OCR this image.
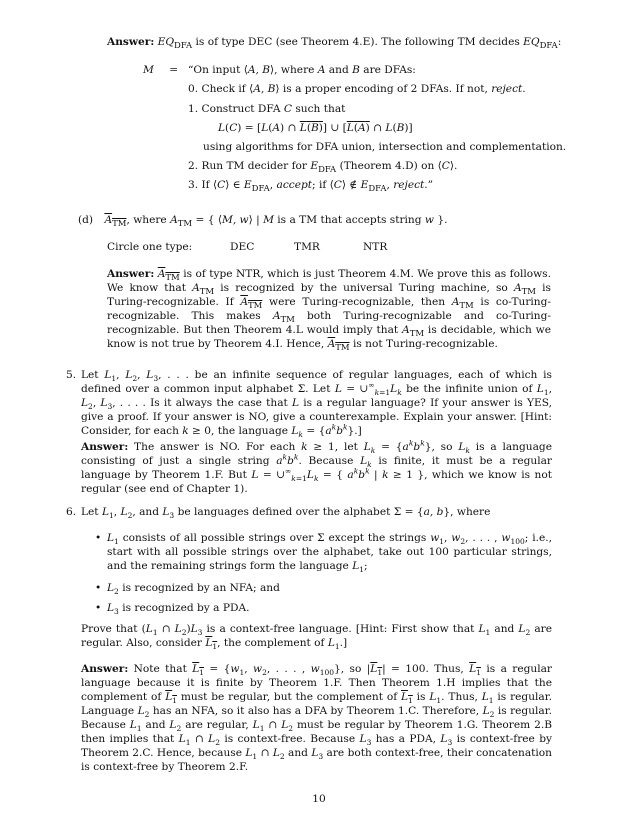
Answer: $EQ_{DFA}$ is of type DEC (see Theorem 4.E). The following TM decides $EQ_{DFA}$:
M = “On input ⟨A, B⟩, where A and B are DFAs:
0. Check if ⟨A, B⟩ is a proper encoding of 2 DFAs. If not, reject.
1. Construct DFA C such that
L(C) = [L(A) ∩ L(B)] ∪ [L(A) ∩ L(B)]
using algorithms for DFA union, intersection and complementation.
2. Run TM decider for $E_{DFA}$ (Theorem 4.D) on ⟨C⟩.
3. If ⟨C⟩ ∈ $E_{DFA}$, accept; if ⟨C⟩ ∉ $E_{DFA}$, reject.”
(d) $A_{TM}$, where $A_{TM}$ = { ⟨M, w⟩ | M is a TM that accepts string w }.
Circle one type:	DEC	TMR	NTR
Answer: $A_{TM}$ is of type NTR, which is just Theorem 4.M. We prove this as follows. We know that $A_{TM}$ is recognized by the universal Turing machine, so $A_{TM}$ is Turing-recognizable. If $A_{TM}$ were Turing-recognizable, then $A_{TM}$ is co-Turing-recognizable. This makes $A_{TM}$ both Turing-recognizable and co-Turing-recognizable. But then Theorem 4.L would imply that $A_{TM}$ is decidable, which we know is not true by Theorem 4.I. Hence, $A_{TM}$ is not Turing-recognizable.
5. Let $L_1$, $L_2$, $L_3$, . . . be an infinite sequence of regular languages, each of which is defined over a common input alphabet Σ. Let $L = \cup^\infty_{k=1}L_k$ be the infinite union of $L_1$, $L_2$, $L_3$, . . . . Is it always the case that L is a regular language? If your answer is YES, give a proof. If your answer is NO, give a counterexample. Explain your answer. [Hint: Consider, for each k ≥ 0, the language $L_k = \{a^kb^k\}$.]
Answer: The answer is NO. For each k ≥ 1, let $L_k = \{a^kb^k\}$, so $L_k$ is a language consisting of just a single string $a^kb^k$. Because $L_k$ is finite, it must be a regular language by Theorem 1.F. But $L = \cup^\infty_{k=1}L_k$ = { $a^kb^k$ | k ≥ 1 }, which we know is not regular (see end of Chapter 1).
6. Let $L_1$, $L_2$, and $L_3$ be languages defined over the alphabet Σ = {a, b}, where
• $L_1$ consists of all possible strings over Σ except the strings $w_1$, $w_2$, . . . , $w_{100}$; i.e., start with all possible strings over the alphabet, take out 100 particular strings, and the remaining strings form the language $L_1$;
• $L_2$ is recognized by an NFA; and
• $L_3$ is recognized by a PDA.
Prove that ($L_1$ ∩ $L_2)L_3$ is a context-free language. [Hint: First show that $L_1$ and $L_2$ are regular. Also, consider $L_1$, the complement of $L_1$.]
Answer: Note that $L_1 = \{w_1$, $w_2$, . . . , $w_{100}$}, so $|L_1| = 100$. Thus, $L_1$ is a regular language because it is finite by Theorem 1.F. Then Theorem 1.H implies that the complement of $L_1$ must be regular, but the complement of $L_1$ is $L_1$. Thus, $L_1$ is regular. Language $L_2$ has an NFA, so it also has a DFA by Theorem 1.C. Therefore, $L_2$ is regular. Because $L_1$ and $L_2$ are regular, $L_1$ ∩ $L_2$ must be regular by Theorem 1.G. Theorem 2.B then implies that $L_1$ ∩ $L_2$ is context-free. Because $L_3$ has a PDA, $L_3$ is context-free by Theorem 2.C. Hence, because $L_1$ ∩ $L_2$ and $L_3$ are both context-free, their concatenation is context-free by Theorem 2.F.
10
